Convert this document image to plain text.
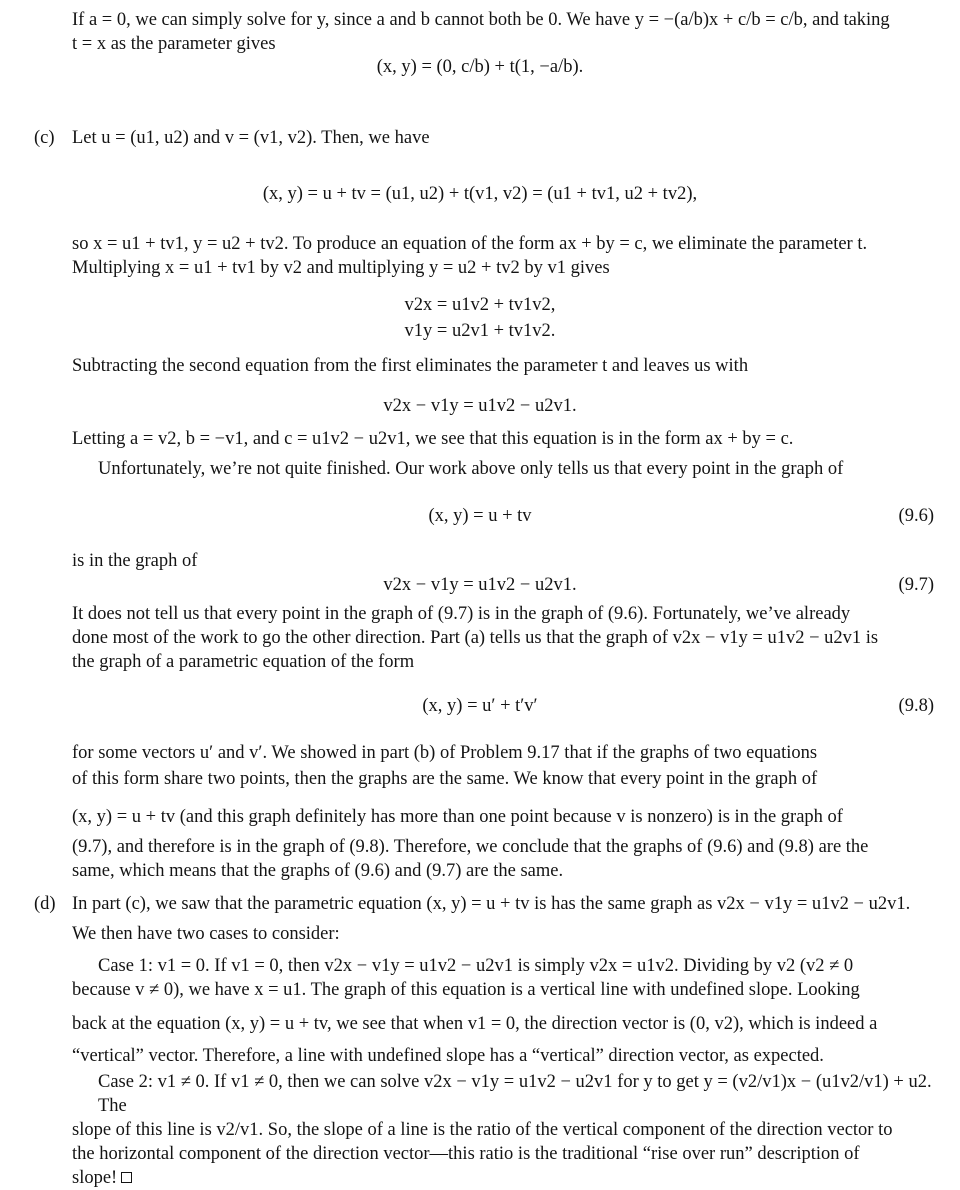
If a = 0, we can simply solve for y, since a and b cannot both be 0. We have y = −(a/b)x + c/b = c/b, and taking
t = x as the parameter gives
(x, y) = (0, c/b) + t(1, −a/b).
(c) Let u = (u1, u2) and v = (v1, v2). Then, we have
(x, y) = u + tv = (u1, u2) + t(v1, v2) = (u1 + tv1, u2 + tv2),
so x = u1 + tv1, y = u2 + tv2. To produce an equation of the form ax + by = c, we eliminate the parameter t.
Multiplying x = u1 + tv1 by v2 and multiplying y = u2 + tv2 by v1 gives
v2x = u1v2 + tv1v2,
v1y = u2v1 + tv1v2.
Subtracting the second equation from the first eliminates the parameter t and leaves us with
v2x − v1y = u1v2 − u2v1.
Letting a = v2, b = −v1, and c = u1v2 − u2v1, we see that this equation is in the form ax + by = c.
Unfortunately, we’re not quite finished. Our work above only tells us that every point in the graph of
(x, y) = u + tv	(9.6)
is in the graph of
v2x − v1y = u1v2 − u2v1.	(9.7)
It does not tell us that every point in the graph of (9.7) is in the graph of (9.6). Fortunately, we’ve already
done most of the work to go the other direction. Part (a) tells us that the graph of v2x − v1y = u1v2 − u2v1 is
the graph of a parametric equation of the form
(x, y) = u′ + t′v′	(9.8)
for some vectors u′ and v′. We showed in part (b) of Problem 9.17 that if the graphs of two equations
of this form share two points, then the graphs are the same. We know that every point in the graph of
(x, y) = u + tv (and this graph definitely has more than one point because v is nonzero) is in the graph of
(9.7), and therefore is in the graph of (9.8). Therefore, we conclude that the graphs of (9.6) and (9.8) are the
same, which means that the graphs of (9.6) and (9.7) are the same.
(d) In part (c), we saw that the parametric equation (x, y) = u + tv is has the same graph as v2x − v1y = u1v2 − u2v1.
We then have two cases to consider:
Case 1: v1 = 0. If v1 = 0, then v2x − v1y = u1v2 − u2v1 is simply v2x = u1v2. Dividing by v2 (v2 ≠ 0
because v ≠ 0), we have x = u1. The graph of this equation is a vertical line with undefined slope. Looking
back at the equation (x, y) = u + tv, we see that when v1 = 0, the direction vector is (0, v2), which is indeed a
“vertical” vector. Therefore, a line with undefined slope has a “vertical” direction vector, as expected.
Case 2: v1 ≠ 0. If v1 ≠ 0, then we can solve v2x − v1y = u1v2 − u2v1 for y to get y = (v2/v1)x − (u1v2/v1) + u2. The
slope of this line is v2/v1. So, the slope of a line is the ratio of the vertical component of the direction vector to
the horizontal component of the direction vector—this ratio is the traditional “rise over run” description of
slope!
